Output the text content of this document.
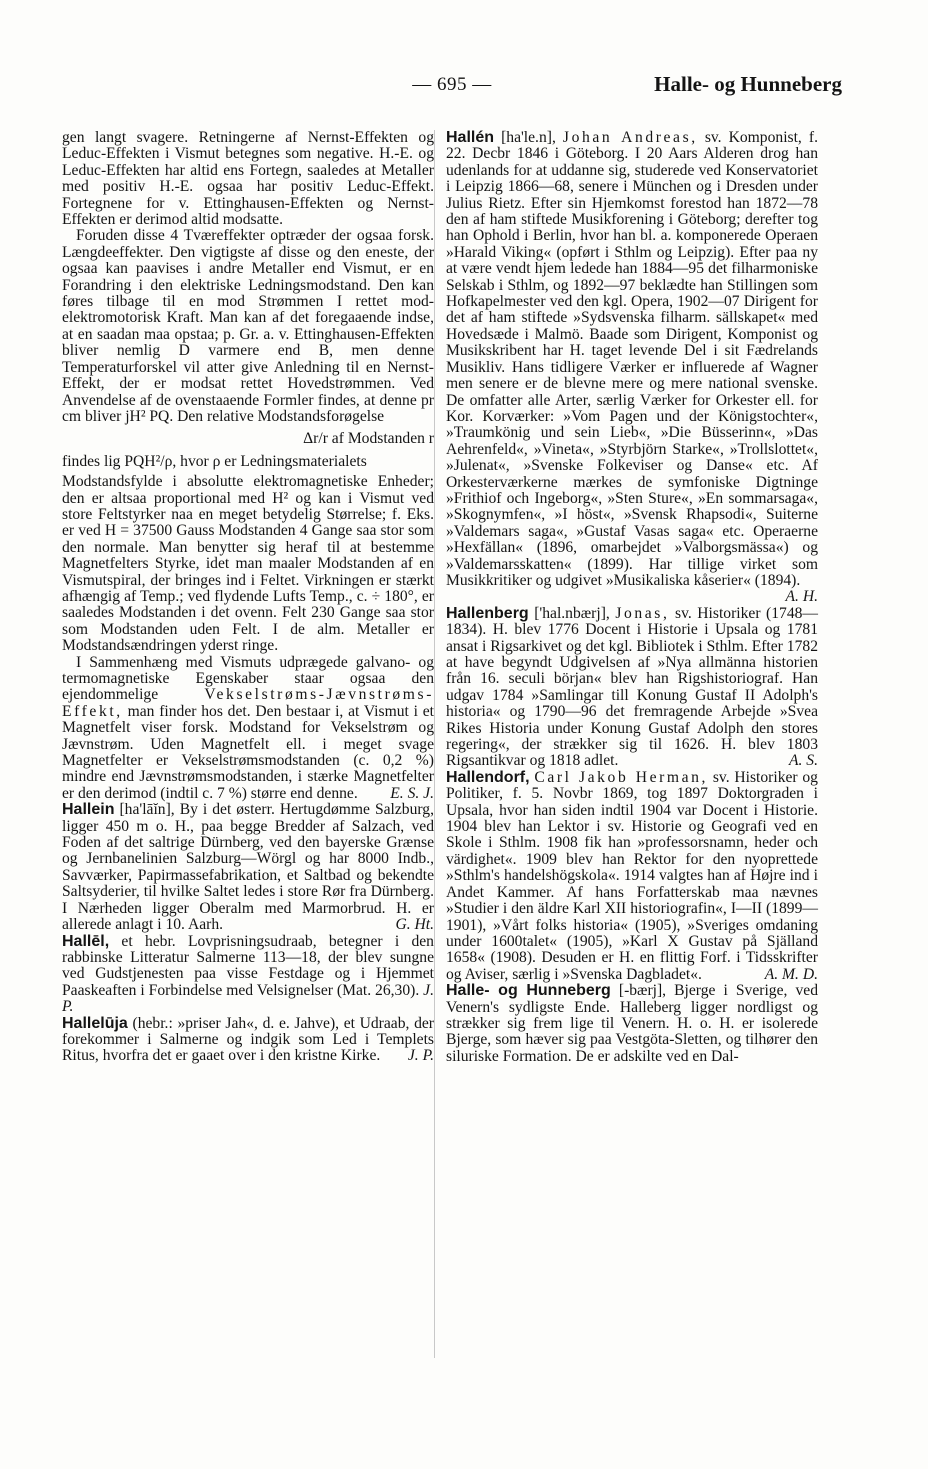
— 695 —	Halle- og Hunneberg

gen langt svagere. Retningerne af Nernst-Effekten og Leduc-Effekten i Vismut betegnes som negative. H.-E. og Leduc-Effekten har altid ens Fortegn, saaledes at Metaller med positiv H.-E. ogsaa har positiv Leduc-Effekt. Fortegnene for v. Ettinghausen-Effekten og Nernst-Effekten er derimod altid modsatte.

Foruden disse 4 Tværeffekter optræder der ogsaa forsk. Længdeeffekter. Den vigtigste af disse og den eneste, der ogsaa kan paavises i andre Metaller end Vismut, er en Forandring i den elektriske Ledningsmodstand. Den kan føres tilbage til en mod Strømmen I rettet mod-elektromotorisk Kraft. Man kan af det foregaaende indse, at en saadan maa opstaa; p. Gr. a. v. Ettinghausen-Effekten bliver nemlig D varmere end B, men denne Temperaturforskel vil atter give Anledning til en Nernst-Effekt, der er modsat rettet Hovedstrømmen. Ved Anvendelse af de ovenstaaende Formler findes, at denne pr cm bliver jH² PQ. Den relative Modstandsforøgelse

Δr/r af Modstanden r

findes lig PQH²/ρ, hvor ρ er Ledningsmaterialets

Modstandsfylde i absolutte elektromagnetiske Enheder; den er altsaa proportional med H² og kan i Vismut ved store Feltstyrker naa en meget betydelig Størrelse; f. Eks. er ved H = 37500 Gauss Modstanden 4 Gange saa stor som den normale. Man benytter sig heraf til at bestemme Magnetfelters Styrke, idet man maaler Modstanden af en Vismutspiral, der bringes ind i Feltet. Virkningen er stærkt afhængig af Temp.; ved flydende Lufts Temp., c. ÷ 180°, er saaledes Modstanden i det ovenn. Felt 230 Gange saa stor som Modstanden uden Felt. I de alm. Metaller er Modstandsændringen yderst ringe.

I Sammenhæng med Vismuts udprægede galvano- og termomagnetiske Egenskaber staar ogsaa den ejendommelige	Vekselstrøms-Jævnstrøms-Effekt, man finder hos det. Den bestaar i, at Vismut i et Magnetfelt viser forsk. Modstand for Vekselstrøm og Jævnstrøm. Uden Magnetfelt ell. i meget svage Magnetfelter er Vekselstrømsmodstanden (c. 0,2 %) mindre end Jævnstrømsmodstanden, i stærke Magnetfelter er den derimod (indtil c. 7 %) større end denne.	E. S. J.

Hallein [ha'lāĭn], By i det østerr. Hertugdømme Salzburg, ligger 450 m o. H., paa begge Bredder af Salzach, ved Foden af det saltrige Dürnberg, ved den bayerske Grænse og Jernbanelinien Salzburg—Wörgl og har 8000 Indb., Savværker, Papirmassefabrikation, et Saltbad og bekendte Saltsyderier, til hvilke Saltet ledes i store Rør fra Dürnberg. I Nærheden ligger Oberalm med Marmorbrud. H. er allerede anlagt i 10. Aarh.	G. Ht.

Hallēl, et hebr. Lovprisningsudraab, betegner i den rabbinske Litteratur Salmerne 113—18, der blev sungne ved Gudstjenesten paa visse Festdage og i Hjemmet Paaskeaften i Forbindelse med Velsignelser (Mat. 26,30). J. P.

Hallelūja (hebr.: »priser Jah«, d. e. Jahve), et Udraab, der forekommer i Salmerne og indgik som Led i Templets Ritus, hvorfra det er gaaet over i den kristne Kirke. J. P.

Hallén [ha'le.n], Johan Andreas, sv. Komponist, f. 22. Decbr 1846 i Göteborg. I 20 Aars Alderen drog han udenlands for at uddanne sig, studerede ved Konservatoriet i Leipzig 1866—68, senere i München og i Dresden under Julius Rietz. Efter sin Hjemkomst forestod han 1872—78 den af ham stiftede Musikforening i Göteborg; derefter tog han Ophold i Berlin, hvor han bl. a. komponerede Operaen »Harald Viking« (opført i Sthlm og Leipzig). Efter paa ny at være vendt hjem ledede han 1884—95 det filharmoniske Selskab i Sthlm, og 1892—97 beklædte han Stillingen som Hofkapelmester ved den kgl. Opera, 1902—07 Dirigent for det af ham stiftede »Sydsvenska filharm. sällskapet« med Hovedsæde i Malmö. Baade som Dirigent, Komponist og Musikskribent har H. taget levende Del i sit Fædrelands Musikliv. Hans tidligere Værker er influerede af Wagner men senere er de blevne mere og mere national svenske. De omfatter alle Arter, særlig Værker for Orkester ell. for Kor. Korværker: »Vom Pagen und der Königstochter«, »Traumkönig und sein Lieb«, »Die Büsserinn«, »Das Aehrenfeld«, »Vineta«, »Styrbjörn Starke«, »Trollslottet«, »Julenat«, »Svenske Folkeviser og Danse« etc. Af Orkesterværkerne mærkes de symfoniske Digtninge »Frithiof och Ingeborg«, »Sten Sture«, »En sommarsaga«, »Skognymfen«, »I höst«, »Svensk Rhapsodi«, Suiterne »Valdemars saga«, »Gustaf Vasas saga« etc. Operaerne »Hexfällan« (1896, omarbejdet »Valborgsmässa«) og »Valdemarsskatten« (1899). Har tillige virket som Musikkritiker og udgivet »Musikaliska kåserier« (1894).
A. H.

Hallenberg ['hal.nbærj], Jonas, sv. Historiker (1748—1834). H. blev 1776 Docent i Historie i Upsala og 1781 ansat i Rigsarkivet og det kgl. Bibliotek i Sthlm. Efter 1782 at have begyndt Udgivelsen af »Nya allmänna historien från 16. seculi början« blev han Rigshistoriograf. Han udgav 1784 »Samlingar till Konung Gustaf II Adolph's historia« og 1790—96 det fremragende Arbejde »Svea Rikes Historia under Konung Gustaf Adolph den stores regering«, der strækker sig til 1626. H. blev 1803 Rigsantikvar og 1818 adlet.	A. S.

Hallendorf, Carl Jakob Herman, sv. Historiker og Politiker, f. 5. Novbr 1869, tog 1897 Doktorgraden i Upsala, hvor han siden indtil 1904 var Docent i Historie. 1904 blev han Lektor i sv. Historie og Geografi ved en Skole i Sthlm. 1908 fik han »professorsnamn, heder och värdighet«. 1909 blev han Rektor for den nyoprettede »Sthlm's handelshögskola«. 1914 valgtes han af Højre ind i Andet Kammer. Af hans Forfatterskab maa nævnes »Studier i den äldre Karl XII historiografin«, I—II (1899—1901), »Vårt folks historia« (1905), »Sveriges omdaning under 1600talet« (1905), »Karl X Gustav på Själland 1658« (1908). Desuden er H. en flittig Forf. i Tidsskrifter og Aviser, særlig i »Svenska Dagbladet«.	A. M. D.

Halle- og Hunneberg [-bærj], Bjerge i Sverige, ved Venern's sydligste Ende. Halleberg ligger nordligst og strækker sig frem lige til Venern. H. o. H. er isolerede Bjerge, som hæver sig paa Vestgöta-Sletten, og tilhører den siluriske Formation. De er adskilte ved en Dal-
